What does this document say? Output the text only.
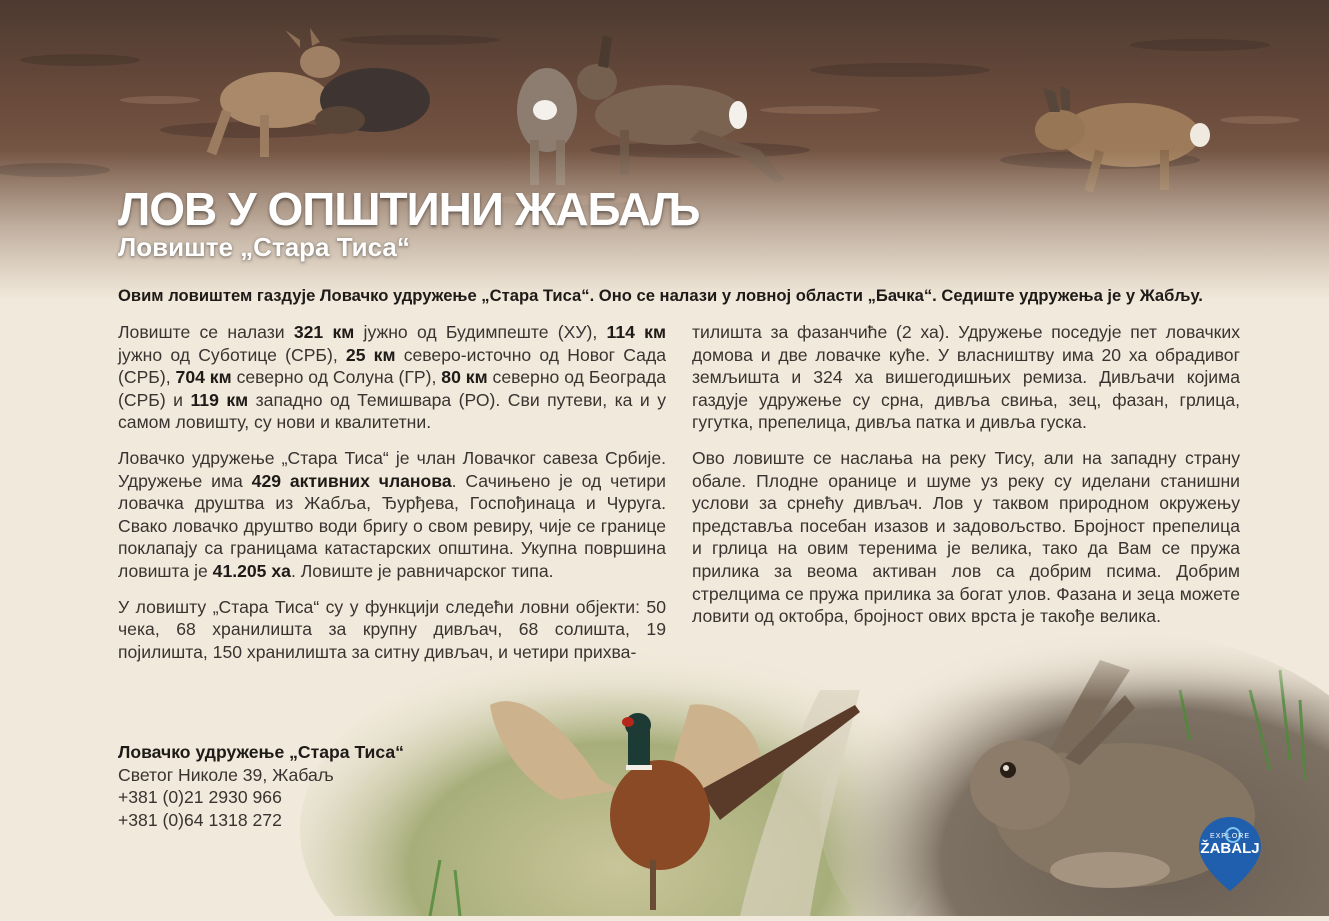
ЛОВ У ОПШТИНИ ЖАБАЉ
Ловиште „Стара Тиса“

Овим ловиштем газдује Ловачко удружење „Стара Тиса“. Оно се налази у ловној области „Бачка“. Седиште удружења је у Жабљу.

Ловиште се налази 321 км јужно од Будимпеште (ХУ), 114 км јужно од Суботице (СРБ), 25 км северо-источно од Новог Сада (СРБ), 704 км северно од Солуна (ГР), 80 км северно од Београда (СРБ) и 119 км западно од Темишвара (РО). Сви путеви, ка и у самом ловишту, су нови и квалитетни.

Ловачко удружење „Стара Тиса“ је члан Ловачког савеза Србије. Удружење има 429 активних чланова. Сачињено је од четири ловачка друштва из Жабља, Ђурђева, Госпођинаца и Чуруга. Свако ловачко друштво води бригу о свом ревиру, чије се границе поклапају са границама катастарских општина. Укупна површина ловишта је 41.205 ха. Ловиште је равничарског типа.

У ловишту „Стара Тиса“ су у функцији следећи ловни објекти: 50 чека, 68 хранилишта за крупну дивљач, 68 солишта, 19 појилишта, 150 хранилишта за ситну дивљач, и четири прихва-

тилишта за фазанчиће (2 ха). Удружење поседује пет ловачких домова и две ловачке куће. У власништву има 20 ха обрадивог земљишта и 324 ха вишегодишњих ремиза. Дивљачи којима газдује удружење су срна, дивља свиња, зец, фазан, грлица, гугутка, препелица, дивља патка и дивља гуска.

Ово ловиште се наслања на реку Тису, али на западну страну обале. Плодне оранице и шуме уз реку су иделани станишни услови за срнећу дивљач. Лов у таквом природном окружењу представља посебан изазов и задовољство. Бројност препелица и грлица на овим теренима је велика, тако да Вам се пружа прилика за веома активан лов са добрим псима. Добрим стрелцима се пружа прилика за богат улов. Фазана и зеца можете ловити од октобра, бројност ових врста је такође велика.

Ловачко удружење „Стара Тиса“
Светог Николе 39, Жабаљ
+381 (0)21 2930 966
+381 (0)64 1318 272
EXPLORE
ŽABALJ
